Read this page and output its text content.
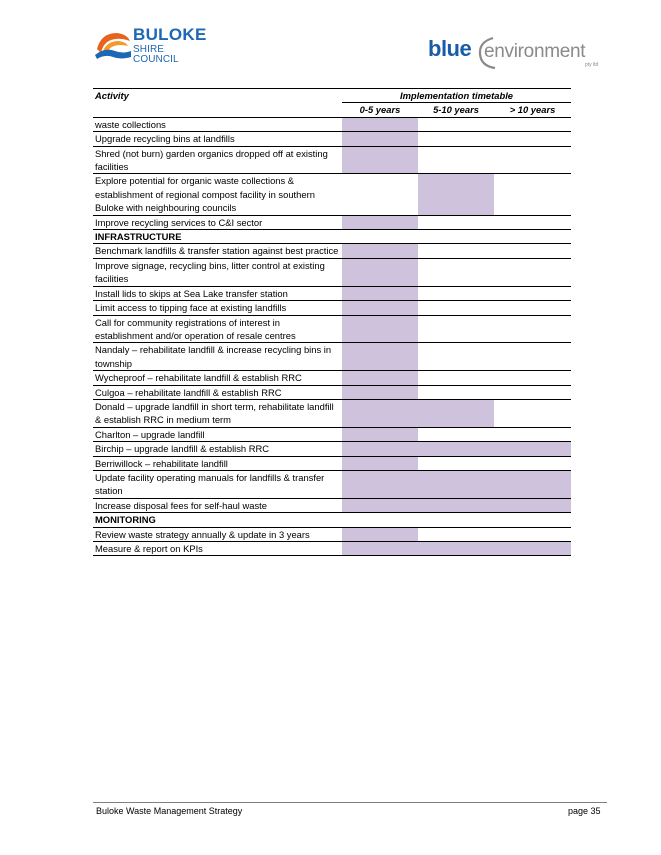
BULOKE
SHIRE COUNCIL	blue environment
pty ltd
Activity	Implementation timetable		
	0-5 years	5-10 years	> 10 years
waste collections			
Upgrade recycling bins at landfills			
Shred (not burn) garden organics dropped off at existing facilities			
Explore potential for organic waste collections & establishment of regional compost facility in southern Buloke with neighbouring councils			
Improve recycling services to C&I sector			
INFRASTRUCTURE			
Benchmark landfills & transfer station against best practice			
Improve signage, recycling bins, litter control at existing facilities			
Install lids to skips at Sea Lake transfer station			
Limit access to tipping face at existing landfills			
Call for community registrations of interest in establishment and/or operation of resale centres			
Nandaly – rehabilitate landfill & increase recycling bins in township			
Wycheproof – rehabilitate landfill & establish RRC			
Culgoa – rehabilitate landfill & establish RRC			
Donald – upgrade landfill in short term, rehabilitate landfill & establish RRC in medium term			
Charlton – upgrade landfill			
Birchip – upgrade landfill & establish RRC			
Berriwillock – rehabilitate landfill			
Update facility operating manuals for landfills & transfer station			
Increase disposal fees for self-haul waste			
MONITORING			
Review waste strategy annually & update in 3 years			
Measure & report on KPIs			
Buloke Waste Management Strategy	page 35
